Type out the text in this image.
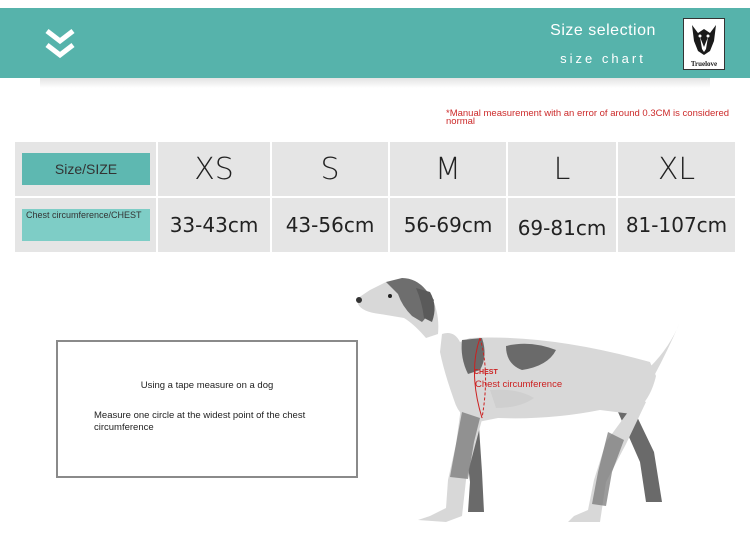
Size selection
size chart	Truelove
*Manual measurement with an error of around 0.3CM is considered normal
Size/SIZE	XS	S	M	L	XL
Chest circumference/CHEST	33-43cm	43-56cm	56-69cm	69-81cm 81-107cm
Using a tape measure on a dog
Measure one circle at the widest point of the chest circumference
CHEST
Chest circumference
